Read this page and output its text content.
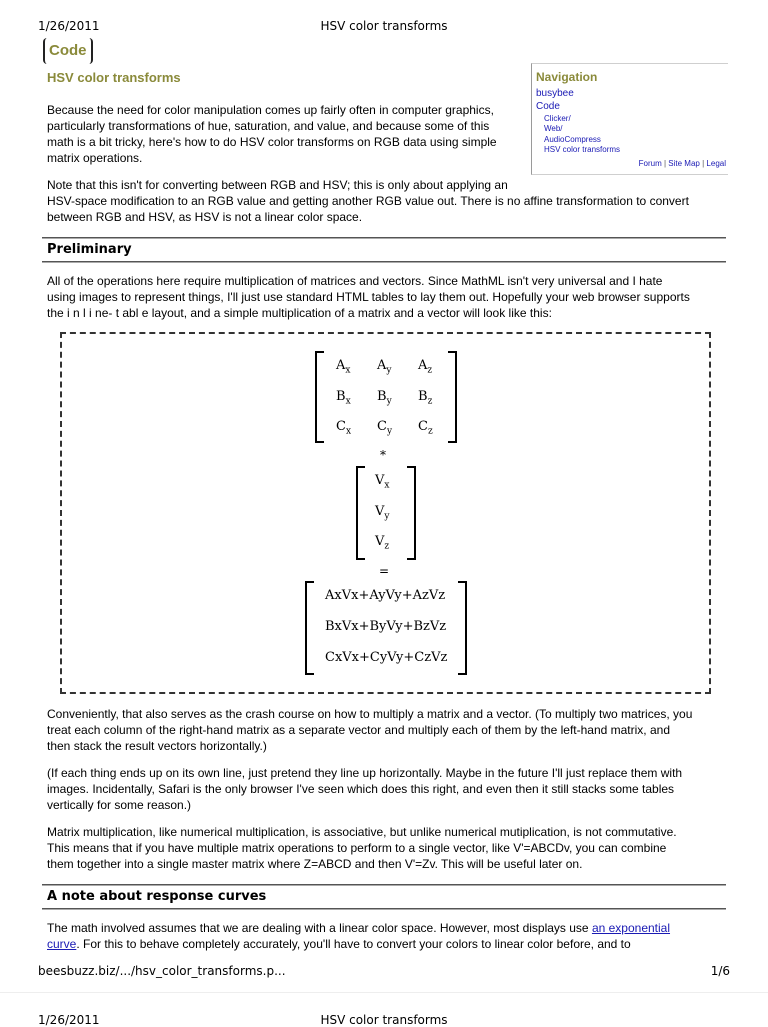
1/26/2011	HSV color transforms
Code
HSV color transforms	Navigation
busybee
Code
Clicker/
Web/
AudioCompress
HSV color transforms
Forum | Site Map | Legal
Because the need for color manipulation comes up fairly often in computer graphics,
particularly transformations of hue, saturation, and value, and because some of this
math is a bit tricky, here's how to do HSV color transforms on RGB data using simple
matrix operations.
Note that this isn't for converting between RGB and HSV; this is only about applying an
HSV-space modification to an RGB value and getting another RGB value out. There is no affine transformation to convert
between RGB and HSV, as HSV is not a linear color space.
Preliminary
All of the operations here require multiplication of matrices and vectors. Since MathML isn't very universal and I hate
using images to represent things, I'll just use standard HTML tables to lay them out. Hopefully your web browser supports
the i n l i ne- t abl e layout, and a simple multiplication of a matrix and a vector will look like this:
$A_x$ $A_y$ $A_z$
$B_x$ $B_y$ $B_z$
$C_x$ $C_y$ $C_z$
*
$V_x$
$V_y$
$V_z$
=
AxVx+AyVy+AzVz
BxVx+ByVy+BzVz
CxVx+CyVy+CzVz
Conveniently, that also serves as the crash course on how to multiply a matrix and a vector. (To multiply two matrices, you
treat each column of the right-hand matrix as a separate vector and multiply each of them by the left-hand matrix, and
then stack the result vectors horizontally.)
(If each thing ends up on its own line, just pretend they line up horizontally. Maybe in the future I'll just replace them with
images. Incidentally, Safari is the only browser I've seen which does this right, and even then it still stacks some tables
vertically for some reason.)
Matrix multiplication, like numerical multiplication, is associative, but unlike numerical mutiplication, is not commutative.
This means that if you have multiple matrix operations to perform to a single vector, like V'=ABCDv, you can combine
them together into a single master matrix where Z=ABCD and then V'=Zv. This will be useful later on.
A note about response curves
The math involved assumes that we are dealing with a linear color space. However, most displays use an exponential
curve. For this to behave completely accurately, you'll have to convert your colors to linear color before, and to
beesbuzz.biz/.../hsv_color_transforms.p...	1/6
1/26/2011	HSV color transforms
